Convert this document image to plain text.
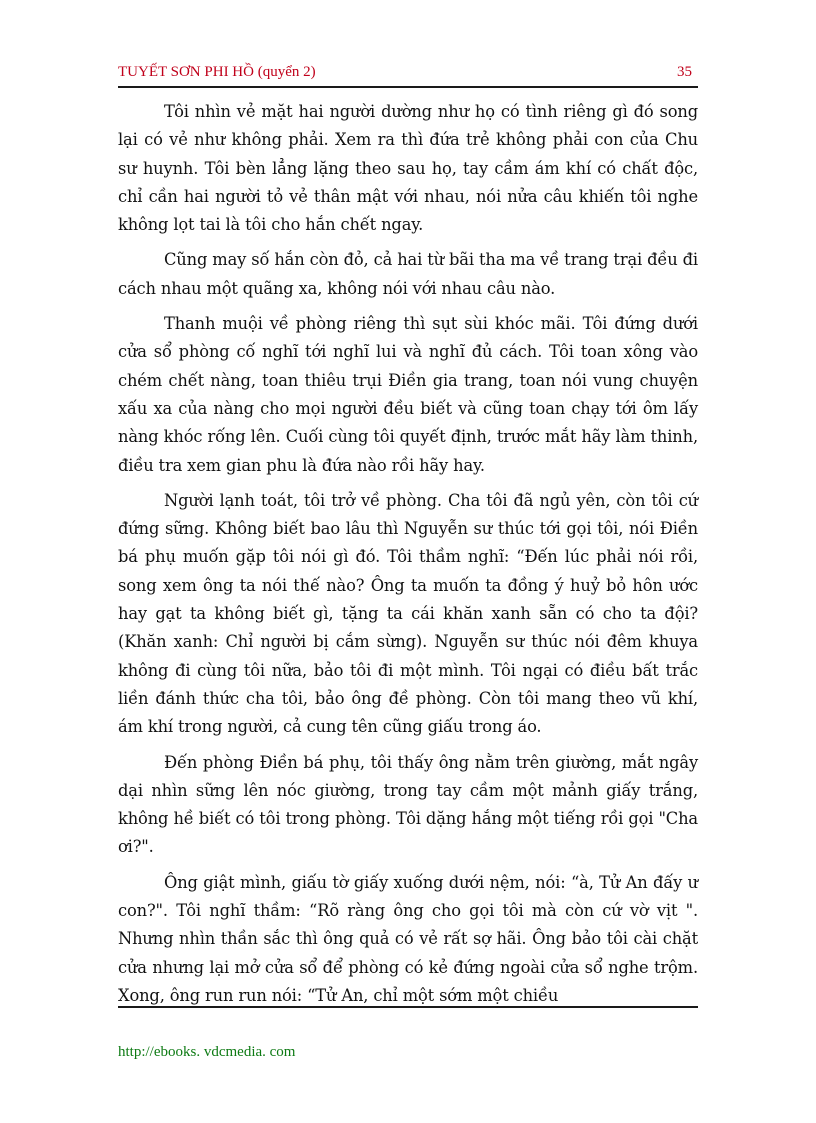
TUYẾT SƠN PHI HỒ (quyển 2)	35

Tôi nhìn vẻ mặt hai người dường như họ có tình riêng gì đó song lại có vẻ như không phải. Xem ra thì đứa trẻ không phải con của Chu sư huynh. Tôi bèn lẳng lặng theo sau họ, tay cầm ám khí có chất độc, chỉ cần hai người tỏ vẻ thân mật với nhau, nói nửa câu khiến tôi nghe không lọt tai là tôi cho hắn chết ngay.

Cũng may số hắn còn đỏ, cả hai từ bãi tha ma về trang trại đều đi cách nhau một quãng xa, không nói với nhau câu nào.

Thanh muội về phòng riêng thì sụt sùi khóc mãi. Tôi đứng dưới cửa sổ phòng cố nghĩ tới nghĩ lui và nghĩ đủ cách. Tôi toan xông vào chém chết nàng, toan thiêu trụi Điền gia trang, toan nói vung chuyện xấu xa của nàng cho mọi người đều biết và cũng toan chạy tới ôm lấy nàng khóc rống lên. Cuối cùng tôi quyết định, trước mắt hãy làm thinh, điều tra xem gian phu là đứa nào rồi hãy hay.

Người lạnh toát, tôi trở về phòng. Cha tôi đã ngủ yên, còn tôi cứ đứng sững. Không biết bao lâu thì Nguyễn sư thúc tới gọi tôi, nói Điền bá phụ muốn gặp tôi nói gì đó. Tôi thầm nghĩ: “Đến lúc phải nói rồi, song xem ông ta nói thế nào? Ông ta muốn ta đồng ý huỷ bỏ hôn ước hay gạt ta không biết gì, tặng ta cái khăn xanh sẵn có cho ta đội? (Khăn xanh: Chỉ người bị cắm sừng). Nguyễn sư thúc nói đêm khuya không đi cùng tôi nữa, bảo tôi đi một mình. Tôi ngại có điều bất trắc liền đánh thức cha tôi, bảo ông đề phòng. Còn tôi mang theo vũ khí, ám khí trong người, cả cung tên cũng giấu trong áo.

Đến phòng Điền bá phụ, tôi thấy ông nằm trên giường, mắt ngây dại nhìn sững lên nóc giường, trong tay cầm một mảnh giấy trắng, không hề biết có tôi trong phòng. Tôi dặng hắng một tiếng rồi gọi "Cha ơi?".

Ông giật mình, giấu tờ giấy xuống dưới nệm, nói: “à, Tử An đấy ư con?". Tôi nghĩ thầm: “Rõ ràng ông cho gọi tôi mà còn cứ vờ vịt ". Nhưng nhìn thần sắc thì ông quả có vẻ rất sợ hãi. Ông bảo tôi cài chặt cửa nhưng lại mở cửa sổ để phòng có kẻ đứng ngoài cửa sổ nghe trộm. Xong, ông run run nói: “Tử An, chỉ một sớm một chiều

http://ebooks. vdcmedia. com
